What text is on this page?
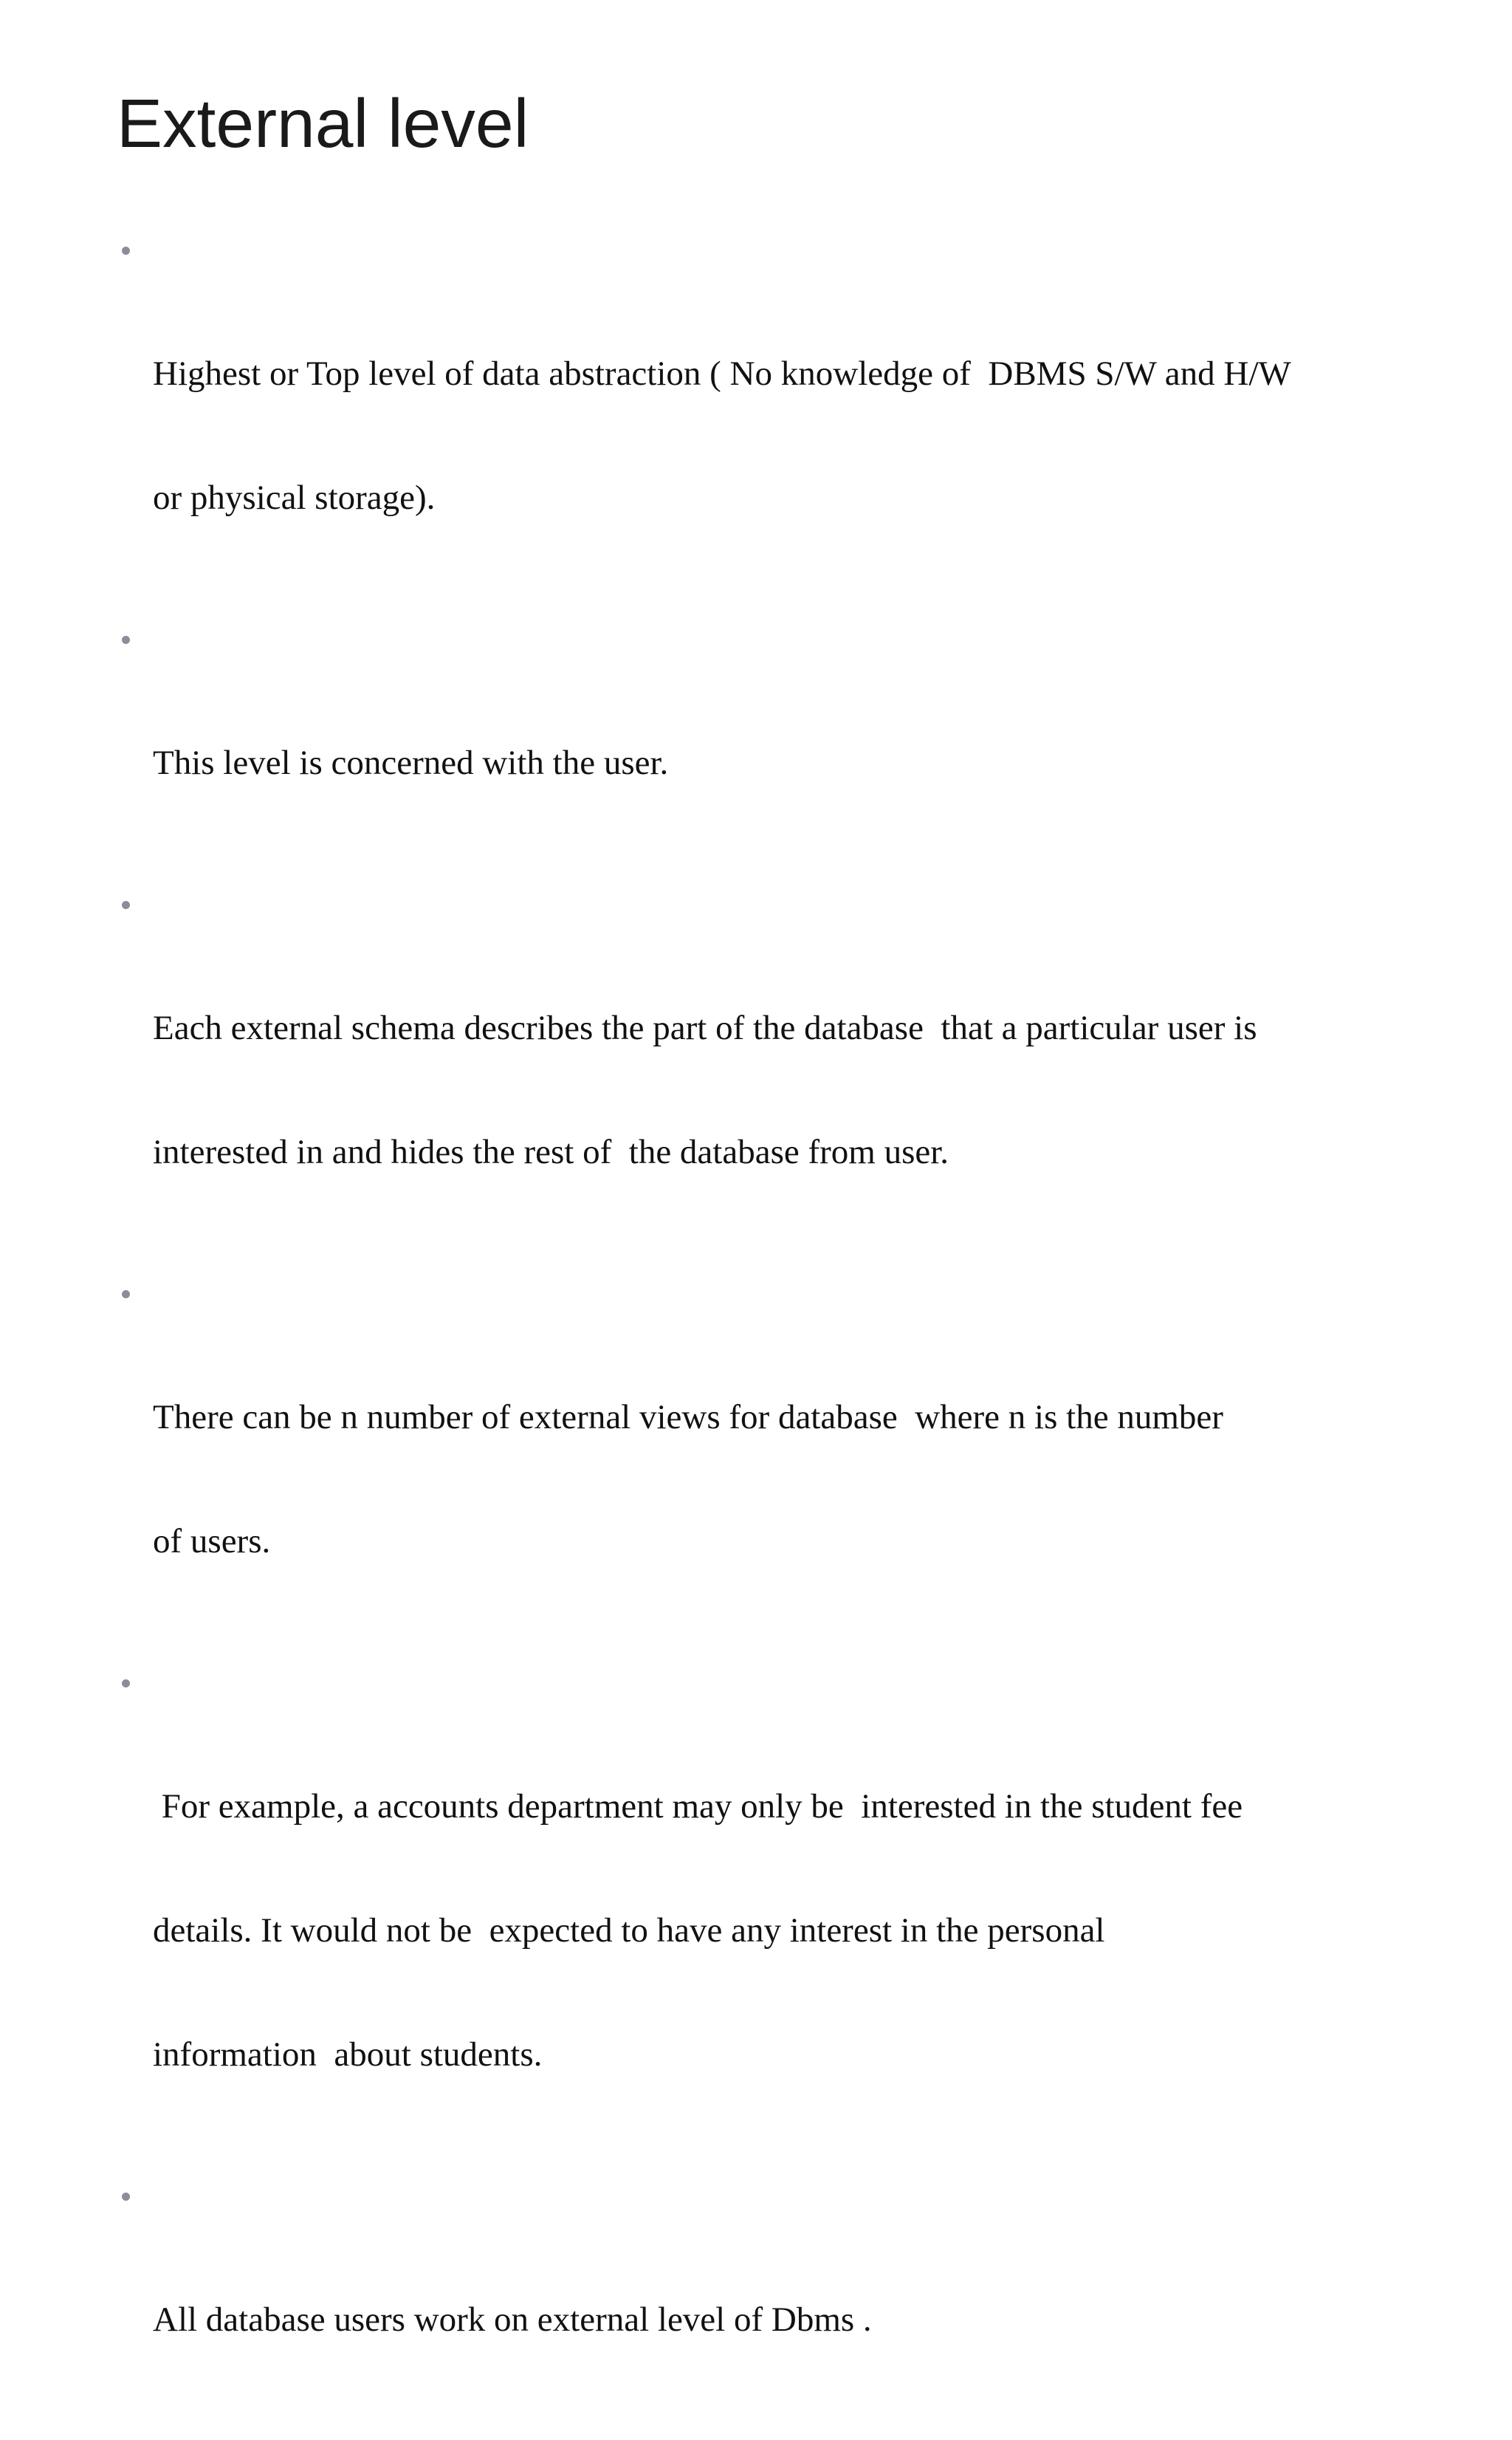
External level

Highest or Top level of data abstraction ( No knowledge of  DBMS S/W and H/W

or physical storage).

This level is concerned with the user.

Each external schema describes the part of the database  that a particular user is

interested in and hides the rest of  the database from user.

There can be n number of external views for database  where n is the number

of users.

For example, a accounts department may only be  interested in the student fee

details. It would not be  expected to have any interest in the personal

information  about students.

All database users work on external level of Dbms .
